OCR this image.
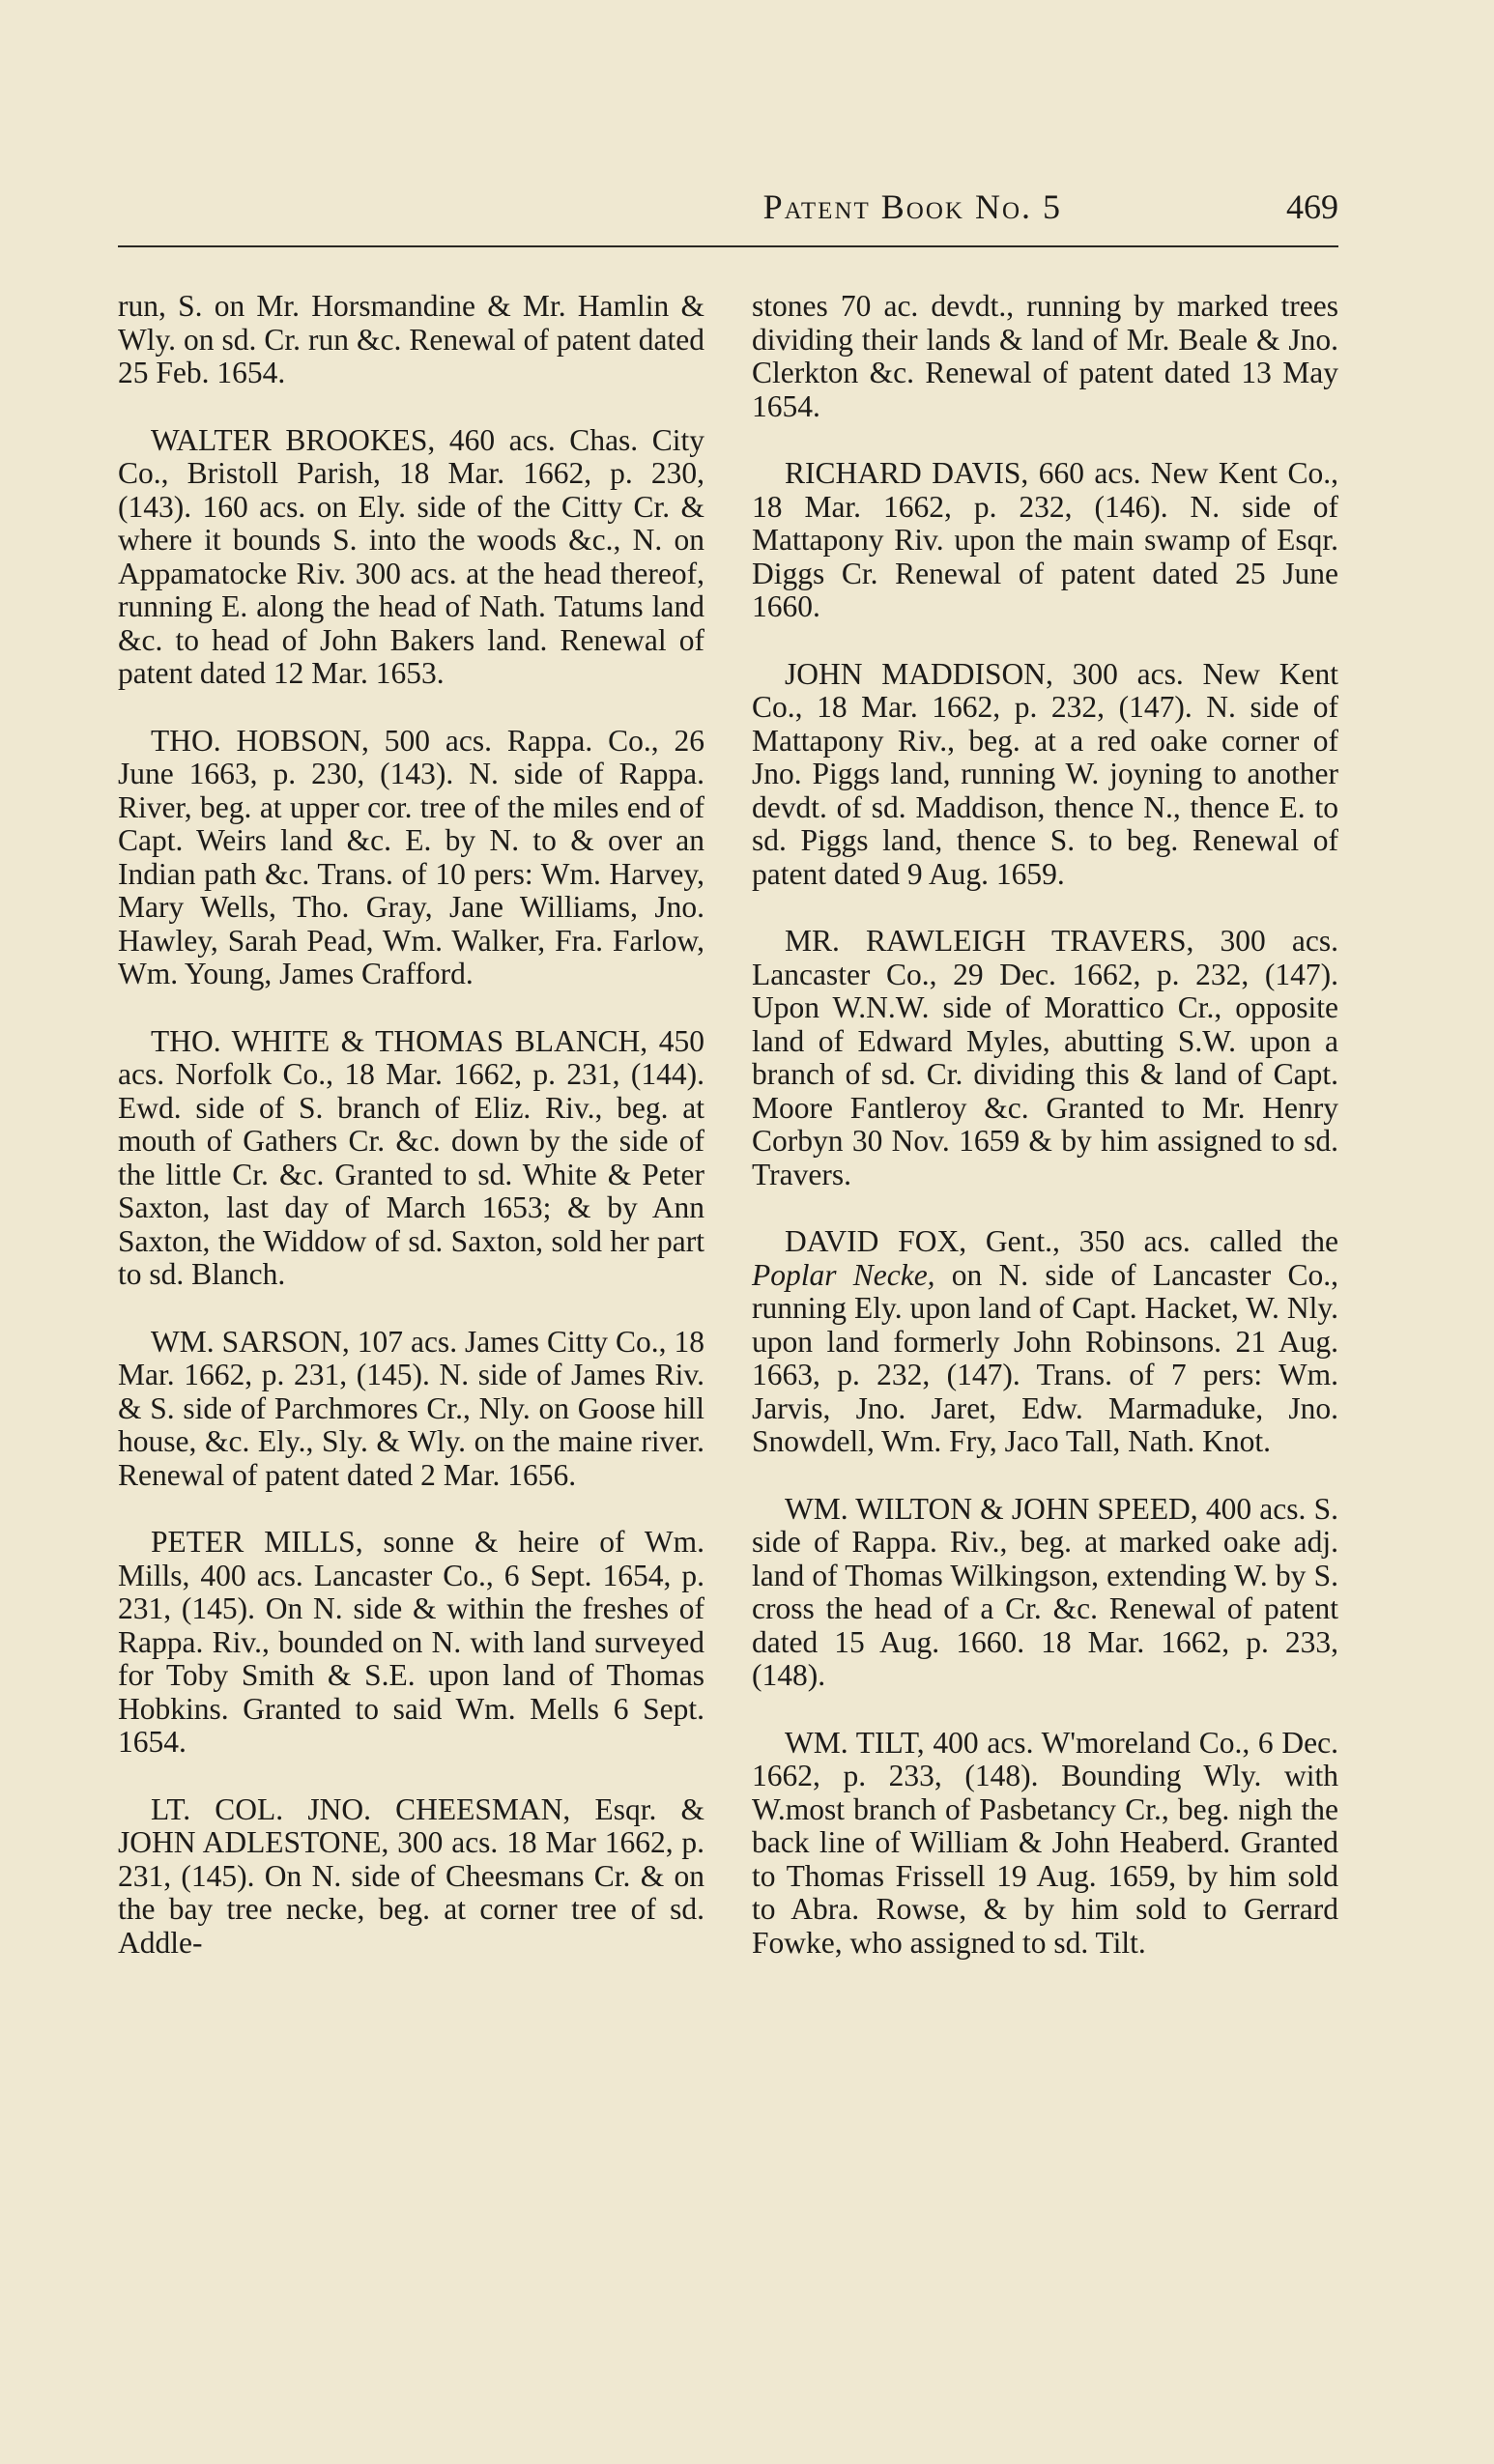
Patent Book No. 5	469

run, S. on Mr. Horsmandine & Mr. Hamlin & Wly. on sd. Cr. run &c. Renewal of patent dated 25 Feb. 1654.

WALTER BROOKES, 460 acs. Chas. City Co., Bristoll Parish, 18 Mar. 1662, p. 230, (143). 160 acs. on Ely. side of the Citty Cr. & where it bounds S. into the woods &c., N. on Appamatocke Riv. 300 acs. at the head thereof, running E. along the head of Nath. Tatums land &c. to head of John Bakers land. Renewal of patent dated 12 Mar. 1653.

THO. HOBSON, 500 acs. Rappa. Co., 26 June 1663, p. 230, (143). N. side of Rappa. River, beg. at upper cor. tree of the miles end of Capt. Weirs land &c. E. by N. to & over an Indian path &c. Trans. of 10 pers: Wm. Harvey, Mary Wells, Tho. Gray, Jane Williams, Jno. Hawley, Sarah Pead, Wm. Walker, Fra. Farlow, Wm. Young, James Crafford.

THO. WHITE & THOMAS BLANCH, 450 acs. Norfolk Co., 18 Mar. 1662, p. 231, (144). Ewd. side of S. branch of Eliz. Riv., beg. at mouth of Gathers Cr. &c. down by the side of the little Cr. &c. Granted to sd. White & Peter Saxton, last day of March 1653; & by Ann Saxton, the Widdow of sd. Saxton, sold her part to sd. Blanch.

WM. SARSON, 107 acs. James Citty Co., 18 Mar. 1662, p. 231, (145). N. side of James Riv. & S. side of Parchmores Cr., Nly. on Goose hill house, &c. Ely., Sly. & Wly. on the maine river. Renewal of patent dated 2 Mar. 1656.

PETER MILLS, sonne & heire of Wm. Mills, 400 acs. Lancaster Co., 6 Sept. 1654, p. 231, (145). On N. side & within the freshes of Rappa. Riv., bounded on N. with land surveyed for Toby Smith & S.E. upon land of Thomas Hobkins. Granted to said Wm. Mells 6 Sept. 1654.

LT. COL. JNO. CHEESMAN, Esqr. & JOHN ADLESTONE, 300 acs. 18 Mar 1662, p. 231, (145). On N. side of Cheesmans Cr. & on the bay tree necke, beg. at corner tree of sd. Addle-

stones 70 ac. devdt., running by marked trees dividing their lands & land of Mr. Beale & Jno. Clerkton &c. Renewal of patent dated 13 May 1654.

RICHARD DAVIS, 660 acs. New Kent Co., 18 Mar. 1662, p. 232, (146). N. side of Mattapony Riv. upon the main swamp of Esqr. Diggs Cr. Renewal of patent dated 25 June 1660.

JOHN MADDISON, 300 acs. New Kent Co., 18 Mar. 1662, p. 232, (147). N. side of Mattapony Riv., beg. at a red oake corner of Jno. Piggs land, running W. joyning to another devdt. of sd. Maddison, thence N., thence E. to sd. Piggs land, thence S. to beg. Renewal of patent dated 9 Aug. 1659.

MR. RAWLEIGH TRAVERS, 300 acs. Lancaster Co., 29 Dec. 1662, p. 232, (147). Upon W.N.W. side of Morattico Cr., opposite land of Edward Myles, abutting S.W. upon a branch of sd. Cr. dividing this & land of Capt. Moore Fantleroy &c. Granted to Mr. Henry Corbyn 30 Nov. 1659 & by him assigned to sd. Travers.

DAVID FOX, Gent., 350 acs. called the Poplar Necke, on N. side of Lancaster Co., running Ely. upon land of Capt. Hacket, W. Nly. upon land formerly John Robinsons. 21 Aug. 1663, p. 232, (147). Trans. of 7 pers: Wm. Jarvis, Jno. Jaret, Edw. Marmaduke, Jno. Snowdell, Wm. Fry, Jaco Tall, Nath. Knot.

WM. WILTON & JOHN SPEED, 400 acs. S. side of Rappa. Riv., beg. at marked oake adj. land of Thomas Wilkingson, extending W. by S. cross the head of a Cr. &c. Renewal of patent dated 15 Aug. 1660. 18 Mar. 1662, p. 233, (148).

WM. TILT, 400 acs. W'moreland Co., 6 Dec. 1662, p. 233, (148). Bounding Wly. with W.most branch of Pasbetancy Cr., beg. nigh the back line of William & John Heaberd. Granted to Thomas Frissell 19 Aug. 1659, by him sold to Abra. Rowse, & by him sold to Gerrard Fowke, who assigned to sd. Tilt.
